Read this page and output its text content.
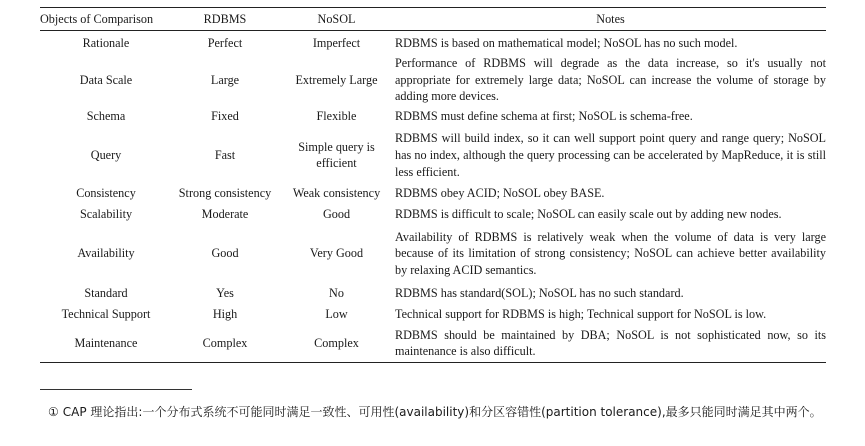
Objects of Comparison	RDBMS	NoSOL	Notes
Rationale	Perfect	Imperfect	RDBMS is based on mathematical model; NoSOL has no such model.
Data Scale	Large	Extremely Large	Performance of RDBMS will degrade as the data increase, so it's usually not appropriate for extremely large data; NoSOL can increase the volume of storage by adding more devices.
Schema	Fixed	Flexible	RDBMS must define schema at first; NoSOL is schema-free.
Query	Fast	Simple query is efficient	RDBMS will build index, so it can well support point query and range query; NoSOL has no index, although the query processing can be accelerated by MapReduce, it is still less efficient.
Consistency	Strong consistency	Weak consistency	RDBMS obey ACID; NoSOL obey BASE.
Scalability	Moderate	Good	RDBMS is difficult to scale; NoSOL can easily scale out by adding new nodes.
Availability	Good	Very Good	Availability of RDBMS is relatively weak when the volume of data is very large because of its limitation of strong consistency; NoSOL can achieve better availability by relaxing ACID semantics.
Standard	Yes	No	RDBMS has standard(SOL); NoSOL has no such standard.
Technical Support	High	Low	Technical support for RDBMS is high; Technical support for NoSOL is low.
Maintenance	Complex	Complex	RDBMS should be maintained by DBA; NoSOL is not sophisticated now, so its maintenance is also difficult.
① CAP 理论指出:一个分布式系统不可能同时满足一致性、可用性(availability)和分区容错性(partition tolerance),最多只能同时满足其中两个。
